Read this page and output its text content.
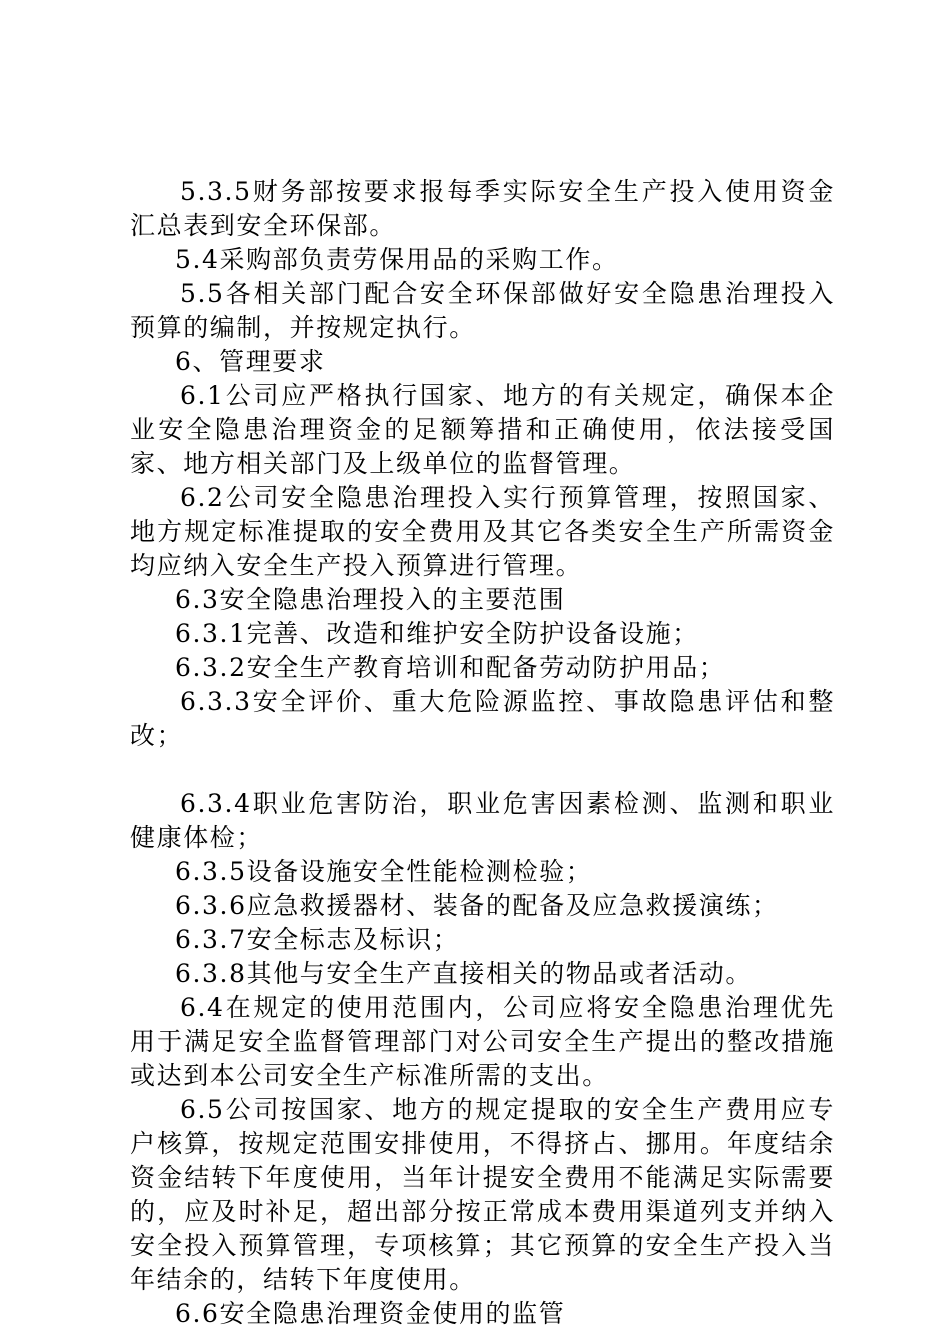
5.3.5财务部按要求报每季实际安全生产投入使用资金汇总表到安全环保部。

5.4采购部负责劳保用品的采购工作。

5.5各相关部门配合安全环保部做好安全隐患治理投入预算的编制，并按规定执行。

6、管理要求

6.1公司应严格执行国家、地方的有关规定，确保本企业安全隐患治理资金的足额筹措和正确使用，依法接受国家、地方相关部门及上级单位的监督管理。

6.2公司安全隐患治理投入实行预算管理，按照国家、地方规定标准提取的安全费用及其它各类安全生产所需资金均应纳入安全生产投入预算进行管理。

6.3安全隐患治理投入的主要范围

6.3.1完善、改造和维护安全防护设备设施；

6.3.2安全生产教育培训和配备劳动防护用品；

6.3.3安全评价、重大危险源监控、事故隐患评估和整改；

6.3.4职业危害防治，职业危害因素检测、监测和职业健康体检；

6.3.5设备设施安全性能检测检验；

6.3.6应急救援器材、装备的配备及应急救援演练；

6.3.7安全标志及标识；

6.3.8其他与安全生产直接相关的物品或者活动。

6.4在规定的使用范围内，公司应将安全隐患治理优先用于满足安全监督管理部门对公司安全生产提出的整改措施或达到本公司安全生产标准所需的支出。

6.5公司按国家、地方的规定提取的安全生产费用应专户核算，按规定范围安排使用，不得挤占、挪用。年度结余资金结转下年度使用，当年计提安全费用不能满足实际需要的，应及时补足，超出部分按正常成本费用渠道列支并纳入安全投入预算管理，专项核算；其它预算的安全生产投入当年结余的，结转下年度使用。

6.6安全隐患治理资金使用的监管
